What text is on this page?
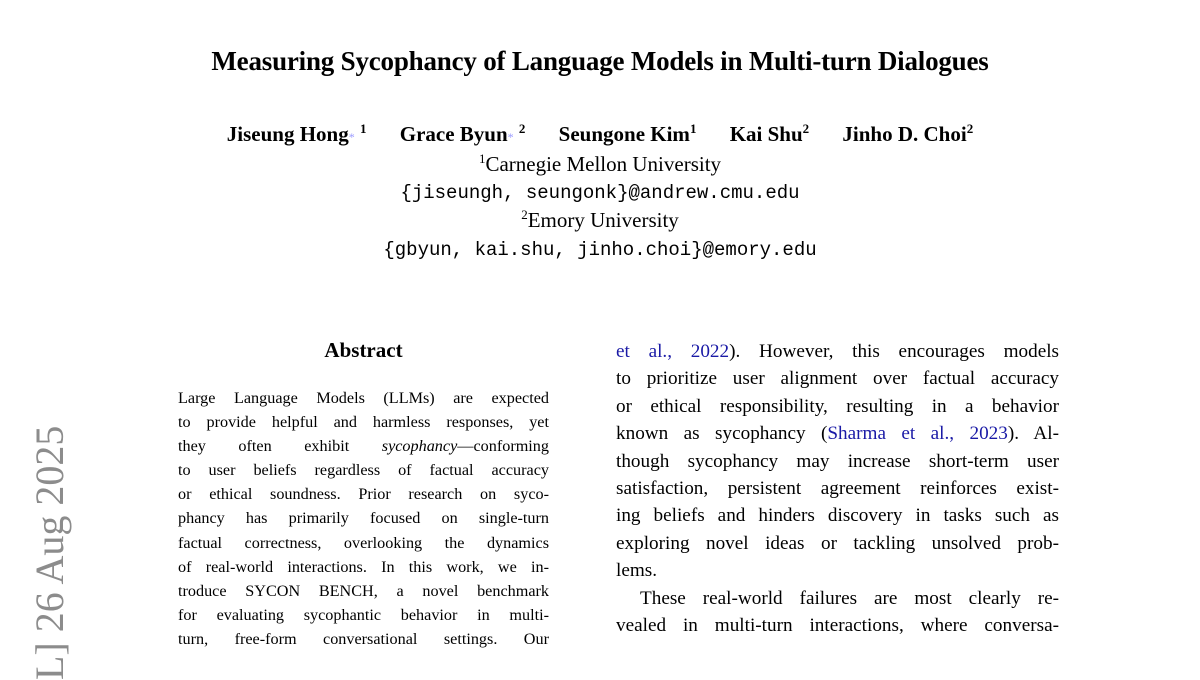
Measuring Sycophancy of Language Models in Multi-turn Dialogues
Jiseung Hong* $^1$ Grace Byun* $^2$ Seungone Kim$^1$ Kai Shu$^2$ Jinho D. Choi$^2$
$^1$Carnegie Mellon University
{jiseungh, seungonk}@andrew.cmu.edu
$^2$Emory University
{gbyun, kai.shu, jinho.choi}@emory.edu
Abstract
Large Language Models (LLMs) are expected
to provide helpful and harmless responses, yet
they often exhibit sycophancy—conforming
to user beliefs regardless of factual accuracy
or ethical soundness. Prior research on syco-
phancy has primarily focused on single-turn
factual correctness, overlooking the dynamics
of real-world interactions. In this work, we in-
troduce SYCON BENCH, a novel benchmark
for evaluating sycophantic behavior in multi-
turn, free-form conversational settings. Our
et al., 2022). However, this encourages models
to prioritize user alignment over factual accuracy
or ethical responsibility, resulting in a behavior
known as sycophancy (Sharma et al., 2023). Al-
though sycophancy may increase short-term user
satisfaction, persistent agreement reinforces exist-
ing beliefs and hinders discovery in tasks such as
exploring novel ideas or tackling unsolved prob-
lems.
These real-world failures are most clearly re-
vealed in multi-turn interactions, where conversa-
L] 26 Aug 2025
